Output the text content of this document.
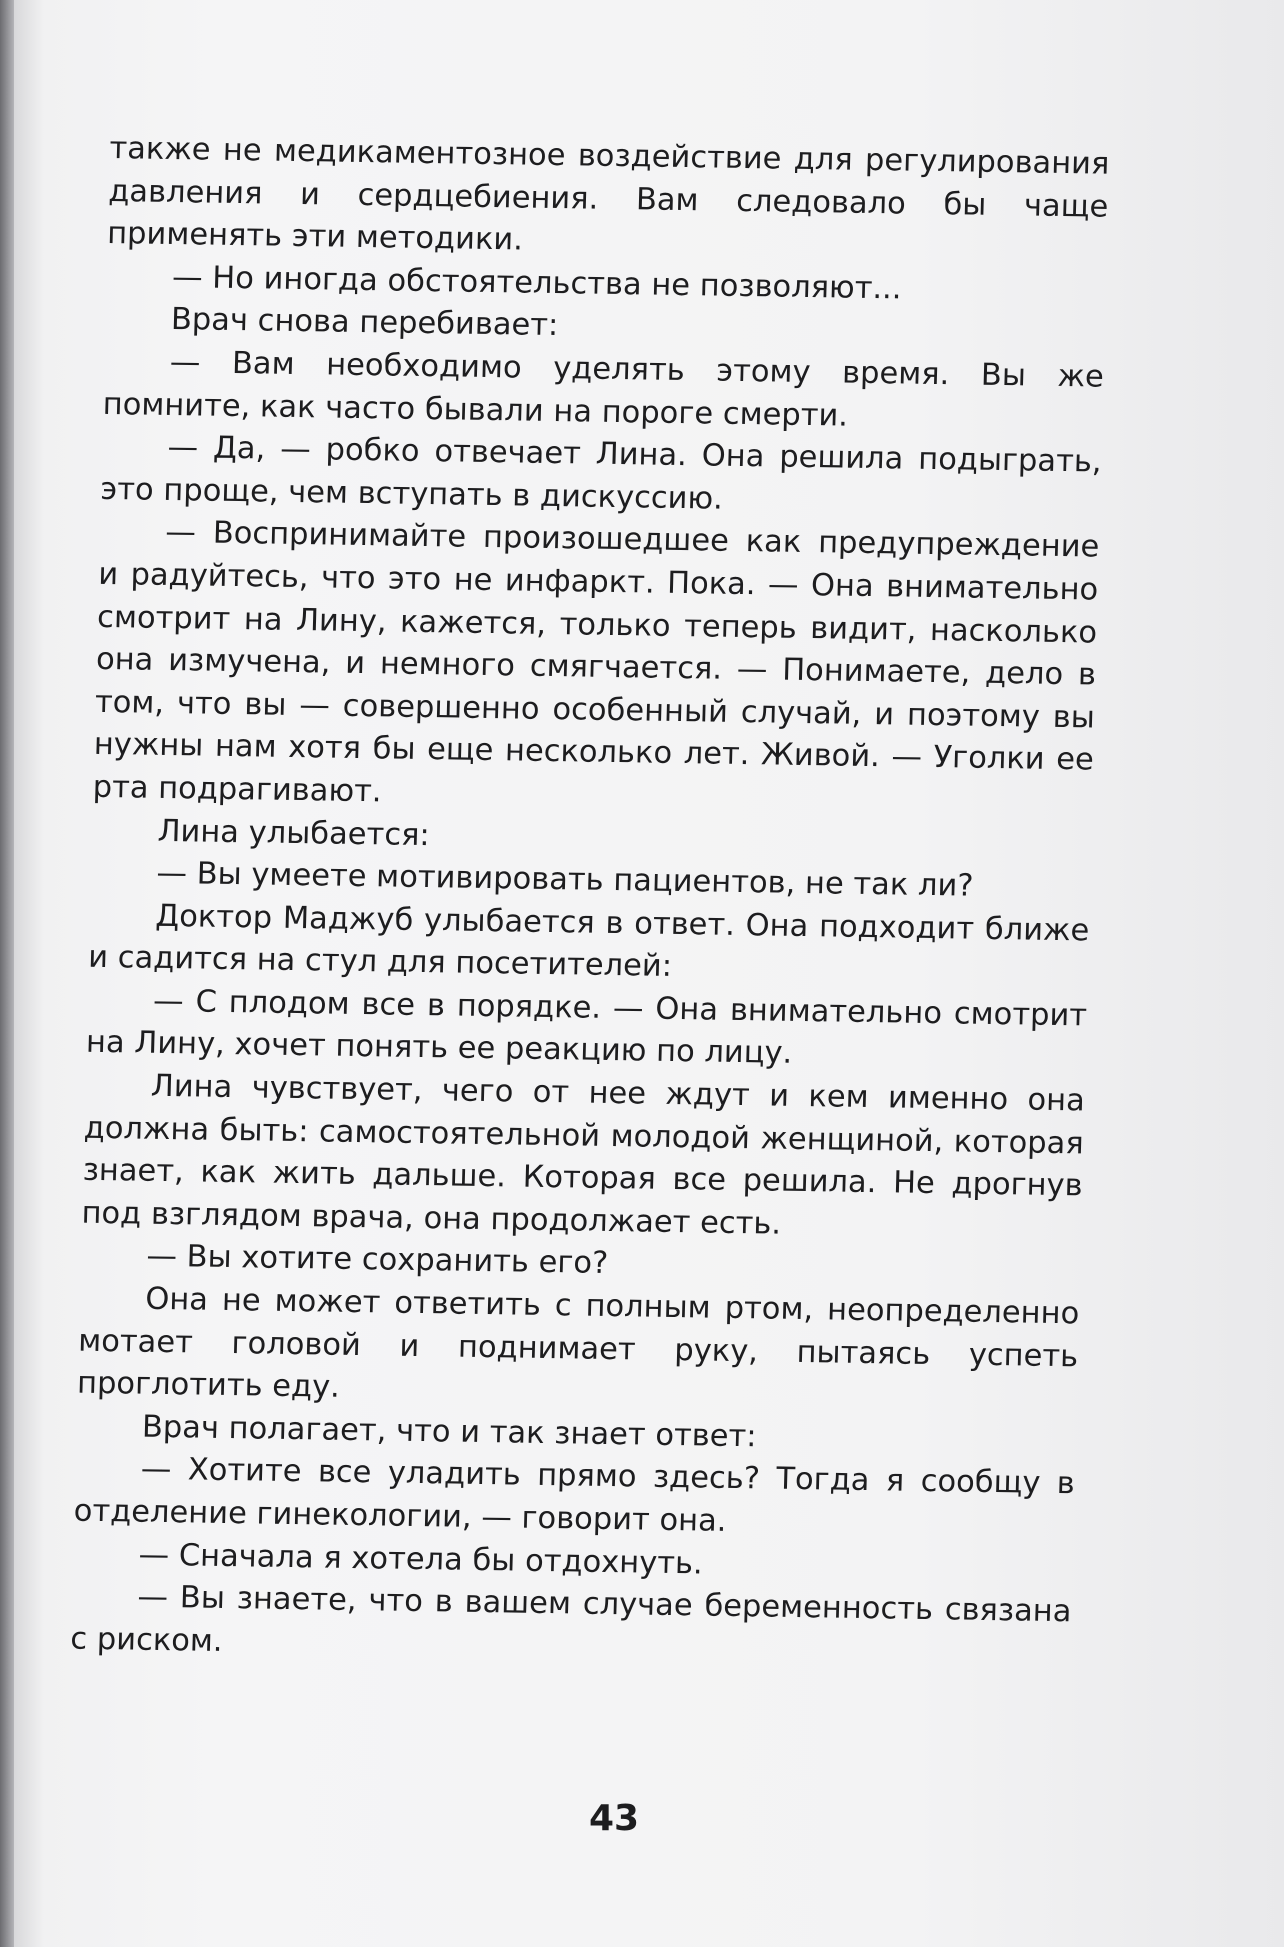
также не медикаментозное воздействие для регулирования давления и сердцебиения. Вам следовало бы чаще применять эти методики.

— Но иногда обстоятельства не позволяют...

Врач снова перебивает:

— Вам необходимо уделять этому время. Вы же помните, как часто бывали на пороге смерти.

— Да, — робко отвечает Лина. Она решила подыграть, это проще, чем вступать в дискуссию.

— Воспринимайте произошедшее как предупреждение и радуйтесь, что это не инфаркт. Пока. — Она внимательно смотрит на Лину, кажется, только теперь видит, насколько она измучена, и немного смягчается. — Понимаете, дело в том, что вы — совершенно особенный случай, и поэтому вы нужны нам хотя бы еще несколько лет. Живой. — Уголки ее рта подрагивают.

Лина улыбается:

— Вы умеете мотивировать пациентов, не так ли?

Доктор Маджуб улыбается в ответ. Она подходит ближе и садится на стул для посетителей:

— С плодом все в порядке. — Она внимательно смотрит на Лину, хочет понять ее реакцию по лицу.

Лина чувствует, чего от нее ждут и кем именно она должна быть: самостоятельной молодой женщиной, которая знает, как жить дальше. Которая все решила. Не дрогнув под взглядом врача, она продолжает есть.

— Вы хотите сохранить его?

Она не может ответить с полным ртом, неопределенно мотает головой и поднимает руку, пытаясь успеть проглотить еду.

Врач полагает, что и так знает ответ:

— Хотите все уладить прямо здесь? Тогда я сообщу в отделение гинекологии, — говорит она.

— Сначала я хотела бы отдохнуть.

— Вы знаете, что в вашем случае беременность связана с риском.

43
